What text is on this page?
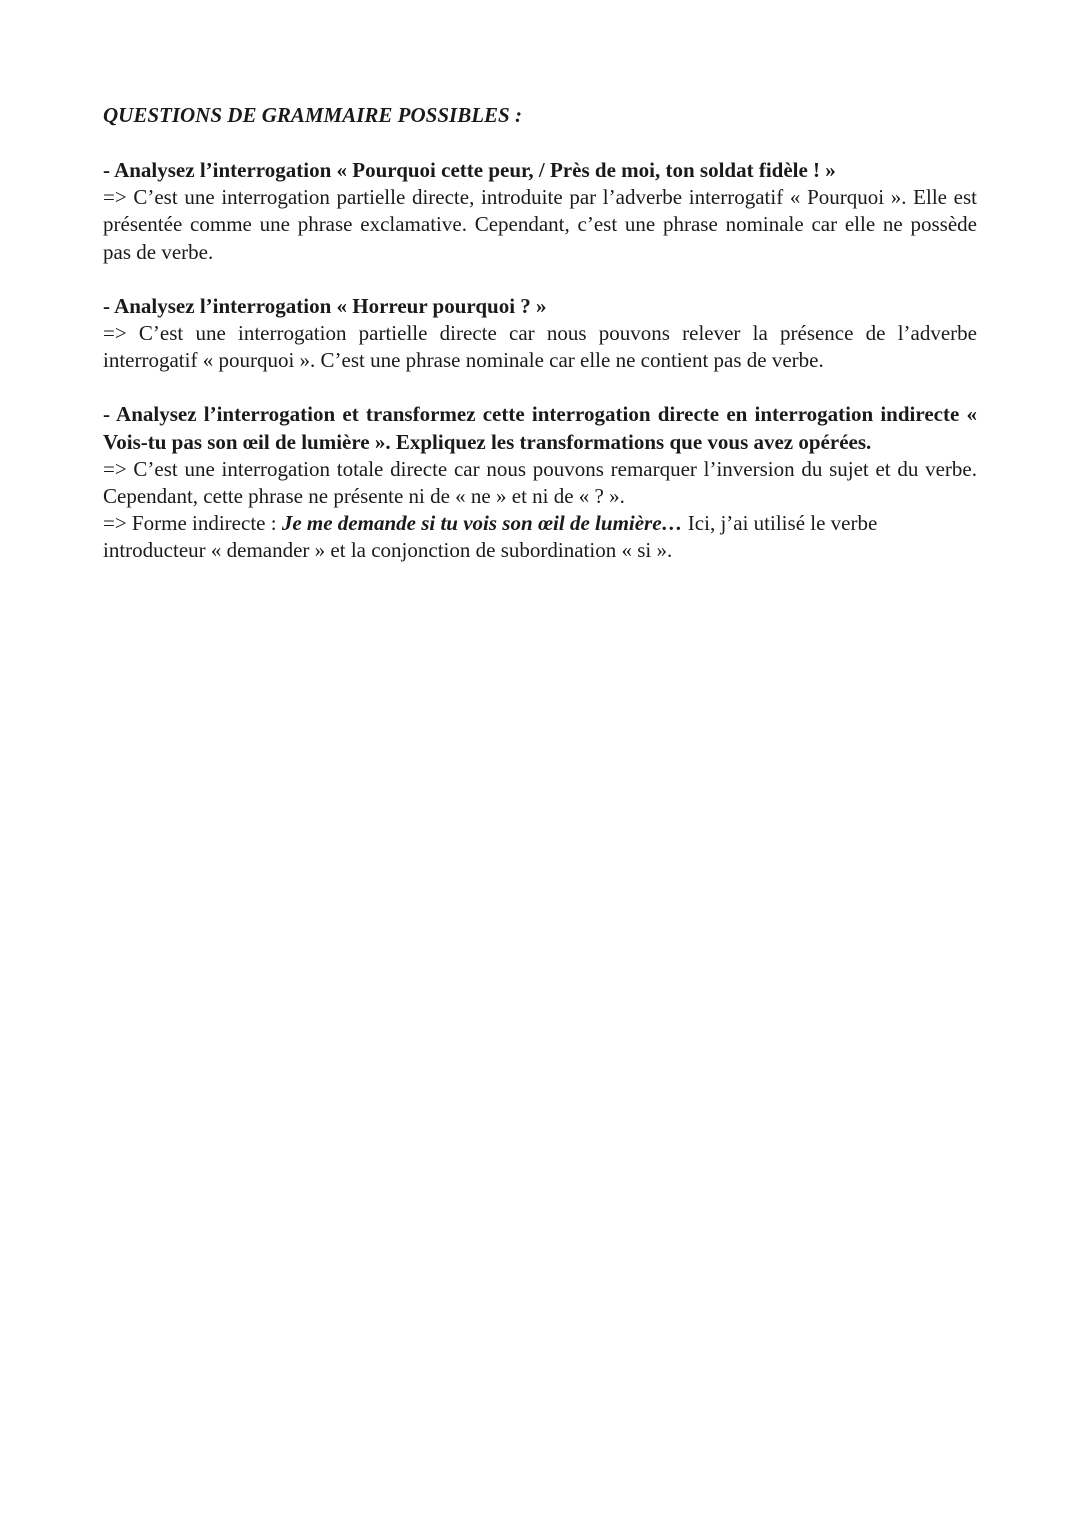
QUESTIONS DE GRAMMAIRE POSSIBLES :

- Analysez l’interrogation « Pourquoi cette peur, / Près de moi, ton soldat fidèle ! »

=> C’est une interrogation partielle directe, introduite par l’adverbe interrogatif « Pourquoi ». Elle est présentée comme une phrase exclamative. Cependant, c’est une phrase nominale car elle ne possède pas de verbe.

- Analysez l’interrogation « Horreur pourquoi ? »

=> C’est une interrogation partielle directe car nous pouvons relever la présence de l’adverbe interrogatif « pourquoi ». C’est une phrase nominale car elle ne contient pas de verbe.

- Analysez l’interrogation et transformez cette interrogation directe en interrogation indirecte « Vois-tu pas son œil de lumière ». Expliquez les transformations que vous avez opérées.

=> C’est une interrogation totale directe car nous pouvons remarquer l’inversion du sujet et du verbe. Cependant, cette phrase ne présente ni de « ne » et ni de « ? ».

=> Forme indirecte : Je me demande si tu vois son œil de lumière… Ici, j’ai utilisé le verbe introducteur « demander » et la conjonction de subordination « si ».
